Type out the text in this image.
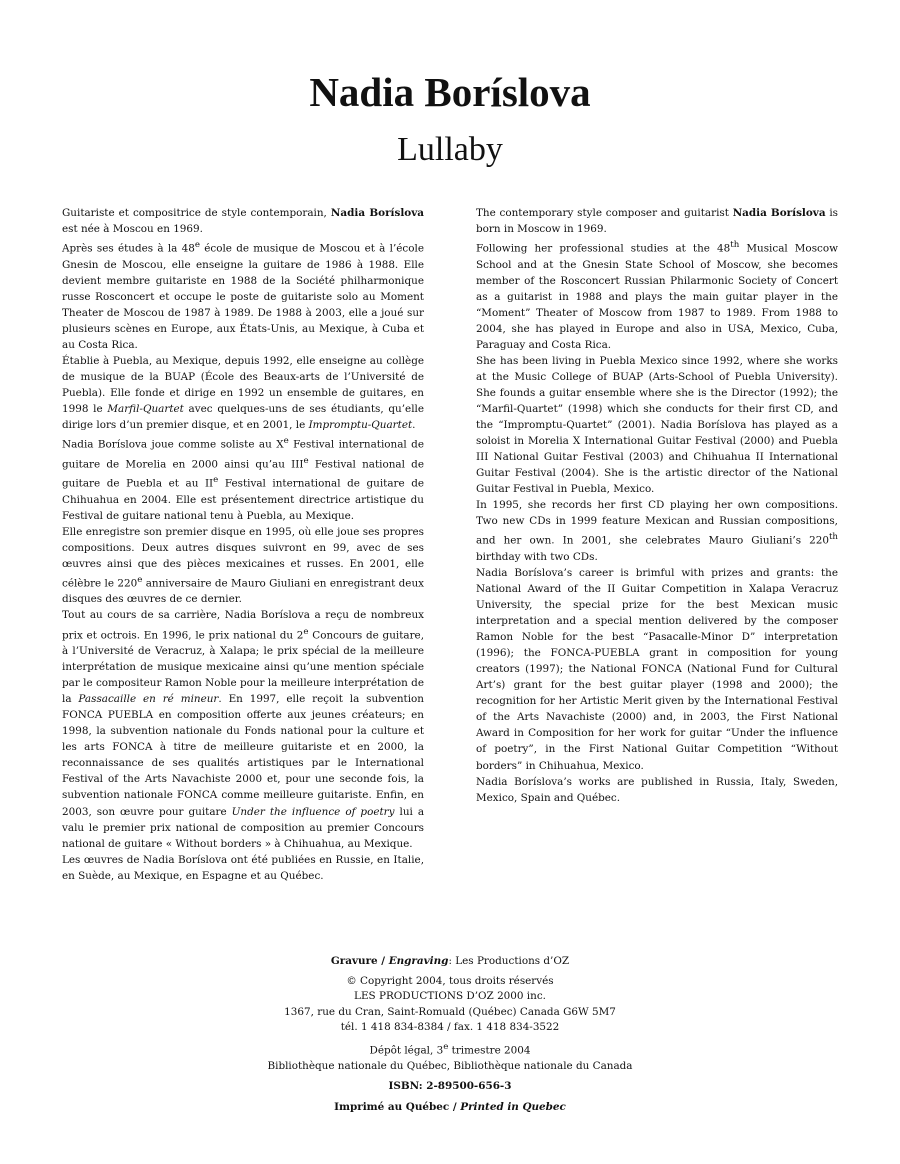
Nadia Boríslova
Lullaby

Guitariste et compositrice de style contemporain, Nadia Boríslova est née à Moscou en 1969.

Après ses études à la 48e école de musique de Moscou et à l’école Gnesin de Moscou, elle enseigne la guitare de 1986 à 1988. Elle devient membre guitariste en 1988 de la Société philharmonique russe Rosconcert et occupe le poste de guitariste solo au Moment Theater de Moscou de 1987 à 1989. De 1988 à 2003, elle a joué sur plusieurs scènes en Europe, aux États-Unis, au Mexique, à Cuba et au Costa Rica.

Établie à Puebla, au Mexique, depuis 1992, elle enseigne au collège de musique de la BUAP (École des Beaux-arts de l’Université de Puebla). Elle fonde et dirige en 1992 un ensemble de guitares, en 1998 le Marfil-Quartet avec quelques-uns de ses étudiants, qu’elle dirige lors d’un premier disque, et en 2001, le Impromptu-Quartet.

Nadia Boríslova joue comme soliste au Xe Festival international de guitare de Morelia en 2000 ainsi qu’au IIIe Festival national de guitare de Puebla et au IIe Festival international de guitare de Chihuahua en 2004. Elle est présentement directrice artistique du Festival de guitare national tenu à Puebla, au Mexique.

Elle enregistre son premier disque en 1995, où elle joue ses propres compositions. Deux autres disques suivront en 99, avec de ses œuvres ainsi que des pièces mexicaines et russes. En 2001, elle célèbre le 220e anniversaire de Mauro Giuliani en enregistrant deux disques des œuvres de ce dernier.

Tout au cours de sa carrière, Nadia Boríslova a reçu de nombreux prix et octrois. En 1996, le prix national du 2e Concours de guitare, à l’Université de Veracruz, à Xalapa; le prix spécial de la meilleure interprétation de musique mexicaine ainsi qu’une mention spéciale par le compositeur Ramon Noble pour la meilleure interprétation de la Passacaille en ré mineur. En 1997, elle reçoit la subvention FONCA PUEBLA en composition offerte aux jeunes créateurs; en 1998, la subvention nationale du Fonds national pour la culture et les arts FONCA à titre de meilleure guitariste et en 2000, la reconnaissance de ses qualités artistiques par le International Festival of the Arts Navachiste 2000 et, pour une seconde fois, la subvention nationale FONCA comme meilleure guitariste. Enfin, en 2003, son œuvre pour guitare Under the influence of poetry lui a valu le premier prix national de composition au premier Concours national de guitare « Without borders » à Chihuahua, au Mexique.

Les œuvres de Nadia Boríslova ont été publiées en Russie, en Italie, en Suède, au Mexique, en Espagne et au Québec.

The contemporary style composer and guitarist Nadia Boríslova is born in Moscow in 1969.

Following her professional studies at the 48th Musical Moscow School and at the Gnesin State School of Moscow, she becomes member of the Rosconcert Russian Philarmonic Society of Concert as a guitarist in 1988 and plays the main guitar player in the “Moment” Theater of Moscow from 1987 to 1989. From 1988 to 2004, she has played in Europe and also in USA, Mexico, Cuba, Paraguay and Costa Rica.

She has been living in Puebla Mexico since 1992, where she works at the Music College of BUAP (Arts-School of Puebla University). She founds a guitar ensemble where she is the Director (1992); the “Marfil-Quartet” (1998) which she conducts for their first CD, and the “Impromptu-Quartet” (2001). Nadia Boríslova has played as a soloist in Morelia X International Guitar Festival (2000) and Puebla III National Guitar Festival (2003) and Chihuahua II International Guitar Festival (2004). She is the artistic director of the National Guitar Festival in Puebla, Mexico.

In 1995, she records her first CD playing her own compositions. Two new CDs in 1999 feature Mexican and Russian compositions, and her own. In 2001, she celebrates Mauro Giuliani’s 220th birthday with two CDs.

Nadia Boríslova’s career is brimful with prizes and grants: the National Award of the II Guitar Competition in Xalapa Veracruz University, the special prize for the best Mexican music interpretation and a special mention delivered by the composer Ramon Noble for the best “Pasacalle-Minor D” interpretation (1996); the FONCA-PUEBLA grant in composition for young creators (1997); the National FONCA (National Fund for Cultural Art’s) grant for the best guitar player (1998 and 2000); the recognition for her Artistic Merit given by the International Festival of the Arts Navachiste (2000) and, in 2003, the First National Award in Composition for her work for guitar “Under the influence of poetry”, in the First National Guitar Competition “Without borders” in Chihuahua, Mexico.

Nadia Boríslova’s works are published in Russia, Italy, Sweden, Mexico, Spain and Québec.

Gravure / Engraving: Les Productions d’OZ
© Copyright 2004, tous droits réservés
LES PRODUCTIONS D’OZ 2000 inc.
1367, rue du Cran, Saint-Romuald (Québec) Canada G6W 5M7
tél. 1 418 834-8384 / fax. 1 418 834-3522
Dépôt légal, 3e trimestre 2004
Bibliothèque nationale du Québec, Bibliothèque nationale du Canada
ISBN: 2-89500-656-3
Imprimé au Québec / Printed in Quebec
